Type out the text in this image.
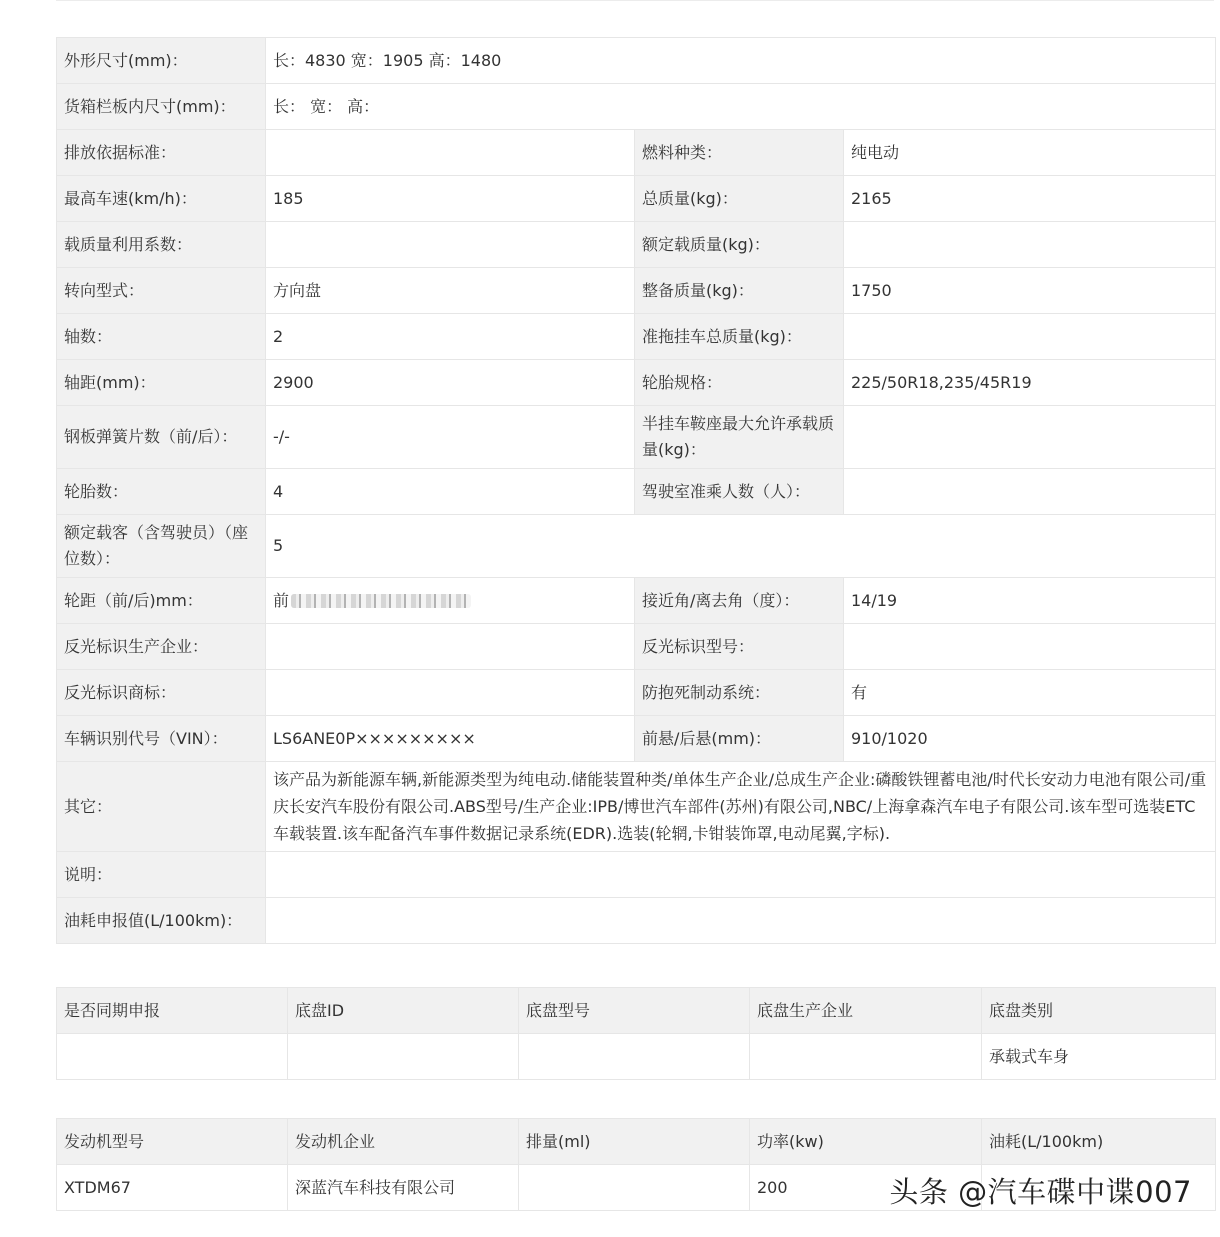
外形尺寸(mm)：	长：4830 宽：1905 高：1480		
货箱栏板内尺寸(mm)：	长： 宽： 高：		
排放依据标准：		燃料种类：	纯电动
最高车速(km/h)：	185	总质量(kg)：	2165
载质量利用系数：		额定载质量(kg)：	
转向型式：	方向盘	整备质量(kg)：	1750
轴数：	2	准拖挂车总质量(kg)：	
轴距(mm)：	2900	轮胎规格：	225/50R18,235/45R19
钢板弹簧片数（前/后）：	-/-	半挂车鞍座最大允许承载质量(kg)：	
轮胎数：	4	驾驶室准乘人数（人）：	
额定载客（含驾驶员）（座位数）：	5		
轮距（前/后)mm：	前	接近角/离去角（度）：	14/19
反光标识生产企业：		反光标识型号：	
反光标识商标：		防抱死制动系统：	有
车辆识别代号（VIN）：	LS6ANE0P×××××××××	前悬/后悬(mm)：	910/1020
其它：	该产品为新能源车辆,新能源类型为纯电动.储能装置种类/单体生产企业/总成生产企业:磷酸铁锂蓄电池/时代长安动力电池有限公司/重庆长安汽车股份有限公司.ABS型号/生产企业:IPB/博世汽车部件(苏州)有限公司,NBC/上海拿森汽车电子有限公司.该车型可选装ETC车载装置.该车配备汽车事件数据记录系统(EDR).选装(轮辋,卡钳装饰罩,电动尾翼,字标).		
说明：			
油耗申报值(L/100km)：			
是否同期申报	底盘ID	底盘型号	底盘生产企业	底盘类别
				承载式车身
发动机型号	发动机企业	排量(ml)	功率(kw)	油耗(L/100km)
XTDM67	深蓝汽车科技有限公司		200		头条 @汽车碟中谍007
